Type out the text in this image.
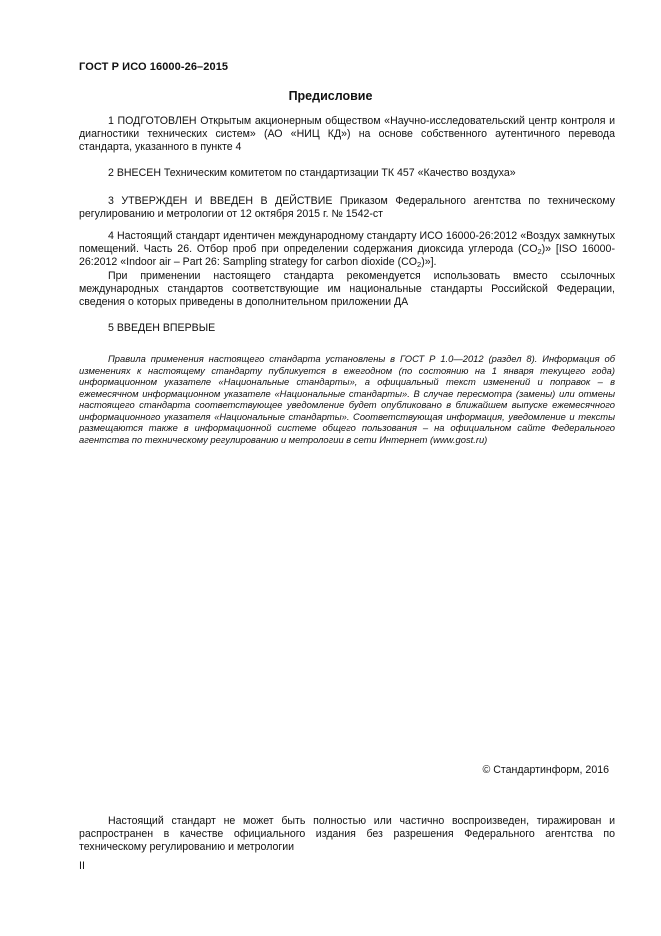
ГОСТ Р ИСО 16000-26–2015
Предисловие

1 ПОДГОТОВЛЕН Открытым акционерным обществом «Научно-исследовательский центр контроля и диагностики технических систем» (АО «НИЦ КД») на основе собственного аутентичного перевода стандарта, указанного в пункте 4

2 ВНЕСЕН Техническим комитетом по стандартизации ТК 457 «Качество воздуха»

3 УТВЕРЖДЕН И ВВЕДЕН В ДЕЙСТВИЕ Приказом Федерального агентства по техническому регулированию и метрологии от 12 октября 2015 г. № 1542-ст

4 Настоящий стандарт идентичен международному стандарту ИСО 16000-26:2012 «Воздух замкнутых помещений. Часть 26. Отбор проб при определении содержания диоксида углерода $(CO_2)$» [ISO 16000-26:2012 «Indoor air – Part 26: Sampling strategy for carbon dioxide $(CO_2)$»].

При применении настоящего стандарта рекомендуется использовать вместо ссылочных международных стандартов соответствующие им национальные стандарты Российской Федерации, сведения о которых приведены в дополнительном приложении ДА

5 ВВЕДЕН ВПЕРВЫЕ

Правила применения настоящего стандарта установлены в ГОСТ Р 1.0—2012 (раздел 8). Информация об изменениях к настоящему стандарту публикуется в ежегодном (по состоянию на 1 января текущего года) информационном указателе «Национальные стандарты», а официальный текст изменений и поправок – в ежемесячном информационном указателе «Национальные стандарты». В случае пересмотра (замены) или отмены настоящего стандарта соответствующее уведомление будет опубликовано в ближайшем выпуске ежемесячного информационного указателя «Национальные стандарты». Соответствующая информация, уведомление и тексты размещаются также в информационной системе общего пользования – на официальном сайте Федерального агентства по техническому регулированию и метрологии в сети Интернет (www.gost.ru)

© Стандартинформ, 2016

Настоящий стандарт не может быть полностью или частично воспроизведен, тиражирован и распространен в качестве официального издания без разрешения Федерального агентства по техническому регулированию и метрологии

II
